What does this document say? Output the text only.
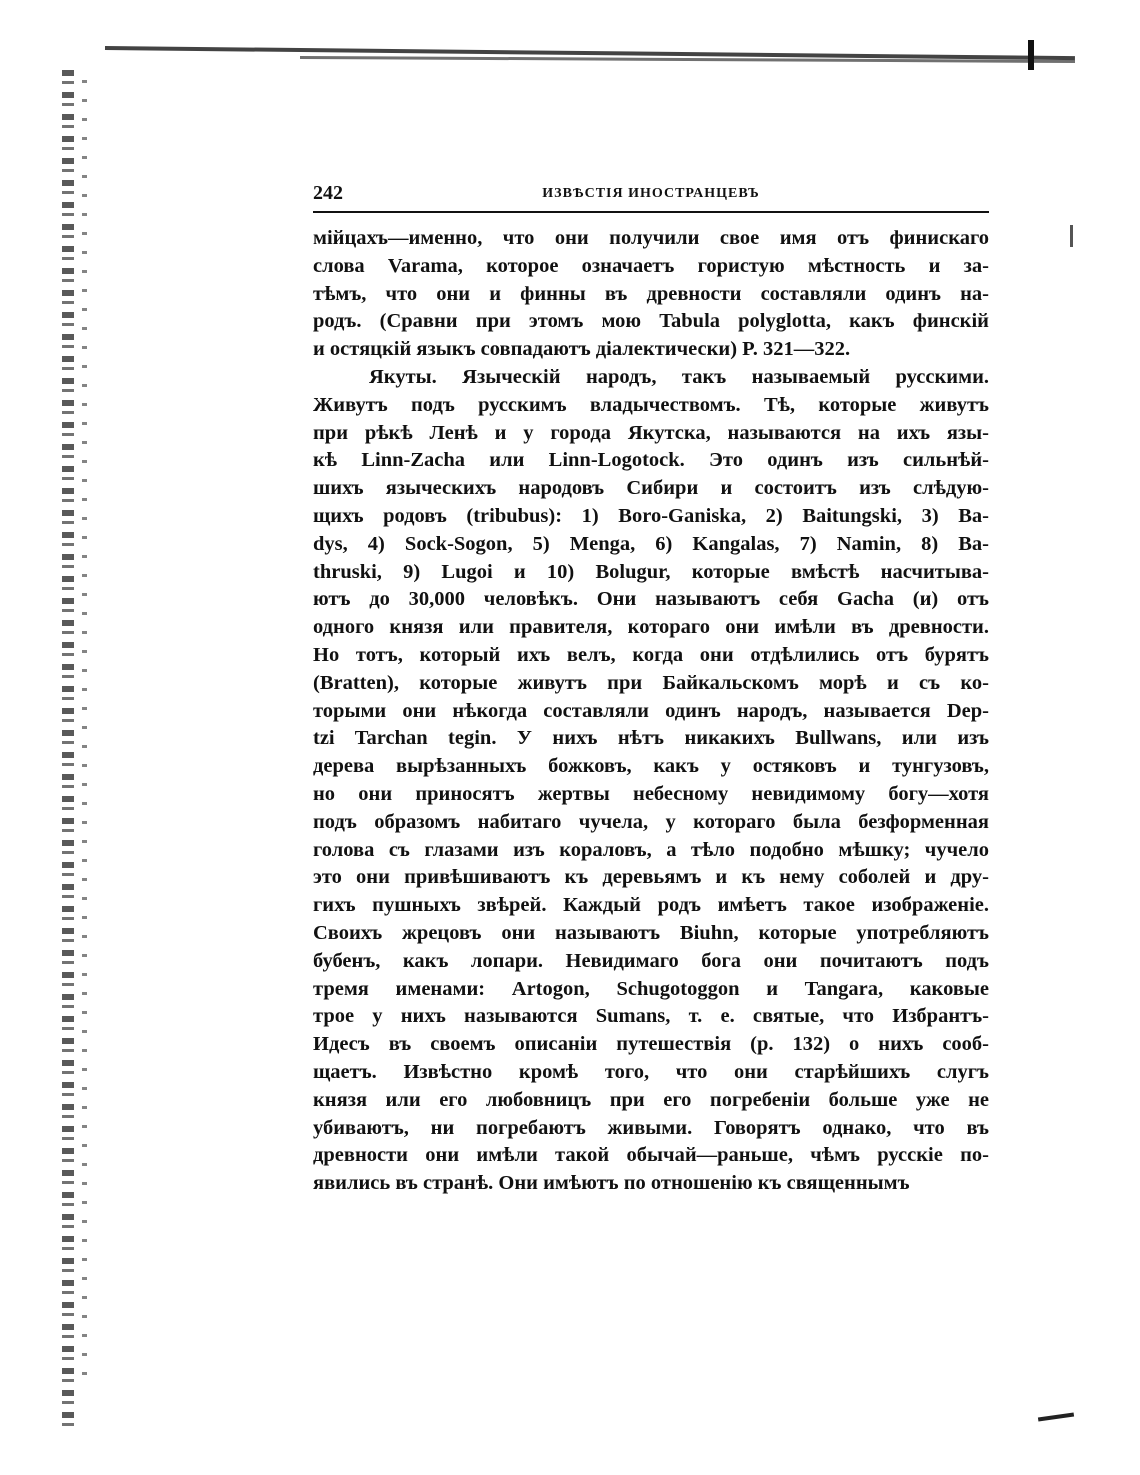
242	ИЗВѢСТІЯ ИНОСТРАНЦЕВЪ
мійцахъ—именно, что они получили свое имя отъ финискаго
слова Varama, которое означаетъ гористую мѣстность и за-
тѣмъ, что они и финны въ древности составляли одинъ на-
родъ. (Сравни при этомъ мою Tabula polyglotta, какъ финскій
и остяцкій языкъ совпадаютъ діалектически) P. 321—322.
Якуты. Языческій народъ, такъ называемый русскими.
Живутъ подъ русскимъ владычествомъ. Тѣ, которые живутъ
при рѣкѣ Ленѣ и у города Якутска, называются на ихъ язы-
кѣ Linn-Zacha или Linn-Logotock. Это одинъ изъ сильнѣй-
шихъ языческихъ народовъ Сибири и состоитъ изъ слѣдую-
щихъ родовъ (tribubus): 1) Boro-Ganiska, 2) Baitungski, 3) Ba-
dys, 4) Sock-Sogon, 5) Menga, 6) Kangalas, 7) Namin, 8) Ba-
thruski, 9) Lugoi и 10) Bolugur, которые вмѣстѣ насчитыва-
ютъ до 30,000 человѣкъ. Они называютъ себя Gacha (и) отъ
одного князя или правителя, котораго они имѣли въ древности.
Но тотъ, который ихъ велъ, когда они отдѣлились отъ бурятъ
(Bratten), которые живутъ при Байкальскомъ морѣ и съ ко-
торыми они нѣкогда составляли одинъ народъ, называется Dep-
tzi Tarchan tegin. У нихъ нѣтъ никакихъ Bullwans, или изъ
дерева вырѣзанныхъ божковъ, какъ у остяковъ и тунгузовъ,
но они приносятъ жертвы небесному невидимому богу—хотя
подъ образомъ набитаго чучела, у котораго была безформенная
голова съ глазами изъ кораловъ, а тѣло подобно мѣшку; чучело
это они привѣшиваютъ къ деревьямъ и къ нему соболей и дру-
гихъ пушныхъ звѣрей. Каждый родъ имѣетъ такое изображеніе.
Своихъ жрецовъ они называютъ Biuhn, которые употребляютъ
бубенъ, какъ лопари. Невидимаго бога они почитаютъ подъ
тремя именами: Artogon, Schugotoggon и Tangara, каковые
трое у нихъ называются Sumans, т. е. святые, что Избрантъ-
Идесъ въ своемъ описаніи путешествія (p. 132) о нихъ сооб-
щаетъ. Извѣстно кромѣ того, что они старѣйшихъ слугъ
князя или его любовницъ при его погребеніи больше уже не
убиваютъ, ни погребаютъ живыми. Говорятъ однако, что въ
древности они имѣли такой обычай—раньше, чѣмъ русскіе по-
явились въ странѣ. Они имѣютъ по отношенію къ священнымъ
